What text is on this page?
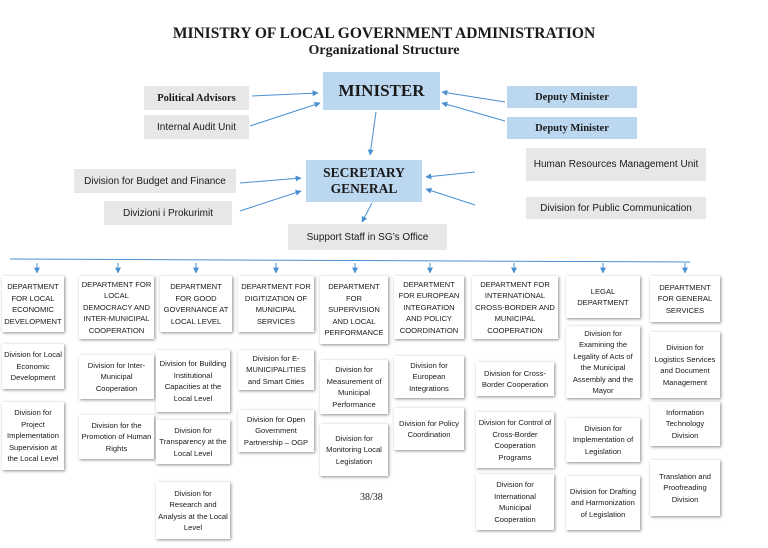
MINISTRY OF LOCAL GOVERNMENT ADMINISTRATION
Organizational Structure
MINISTER
Political Advisors
Internal Audit Unit
Deputy Minister
Deputy Minister
SECRETARY GENERAL
Division for Budget and Finance
Divizioni i Prokurimit
Human Resources Management Unit
Division for Public Communication
Support Staff in SG’s Office
DEPARTMENT FOR LOCAL ECONOMIC DEVELOPMENT
DEPARTMENT FOR LOCAL DEMOCRACY AND INTER-MUNICIPAL COOPERATION
DEPARTMENT FOR GOOD GOVERNANCE AT LOCAL LEVEL
DEPARTMENT FOR DIGITIZATION OF MUNICIPAL SERVICES
DEPARTMENT FOR SUPERVISION AND LOCAL PERFORMANCE
DEPARTMENT FOR EUROPEAN INTEGRATION AND POLICY COORDINATION
DEPARTMENT FOR INTERNATIONAL CROSS-BORDER AND MUNICIPAL COOPERATION
LEGAL DEPARTMENT
DEPARTMENT FOR GENERAL SERVICES
Division for Local Economic Development
Division for Project Implementation Supervision at the Local Level
Division for Inter-Municipal Cooperation
Division for the Promotion of Human Rights
Division for Building Institutional Capacities at the Local Level
Division for Transparency at the Local Level
Division for Research and Analysis at the Local Level
Division for E-MUNICIPALITIES and Smart Cities
Division for Open Government Partnership – OGP
Division for Measurement of Municipal Performance
Division for Monitoring Local Legislation
Division for European Integrations
Division for Policy Coordination
Division for Cross-Border Cooperation
Division for Control of Cross-Border Cooperation Programs
Division for International Municipal Cooperation
Division for Examining the Legality of Acts of the Municipal Assembly and the Mayor
Division for Implementation of Legislation
Division for Drafting and Harmonization of Legislation
Division for Logistics Services and Document Management
Information Technology Division
Translation and Proofreading Division
38/38
